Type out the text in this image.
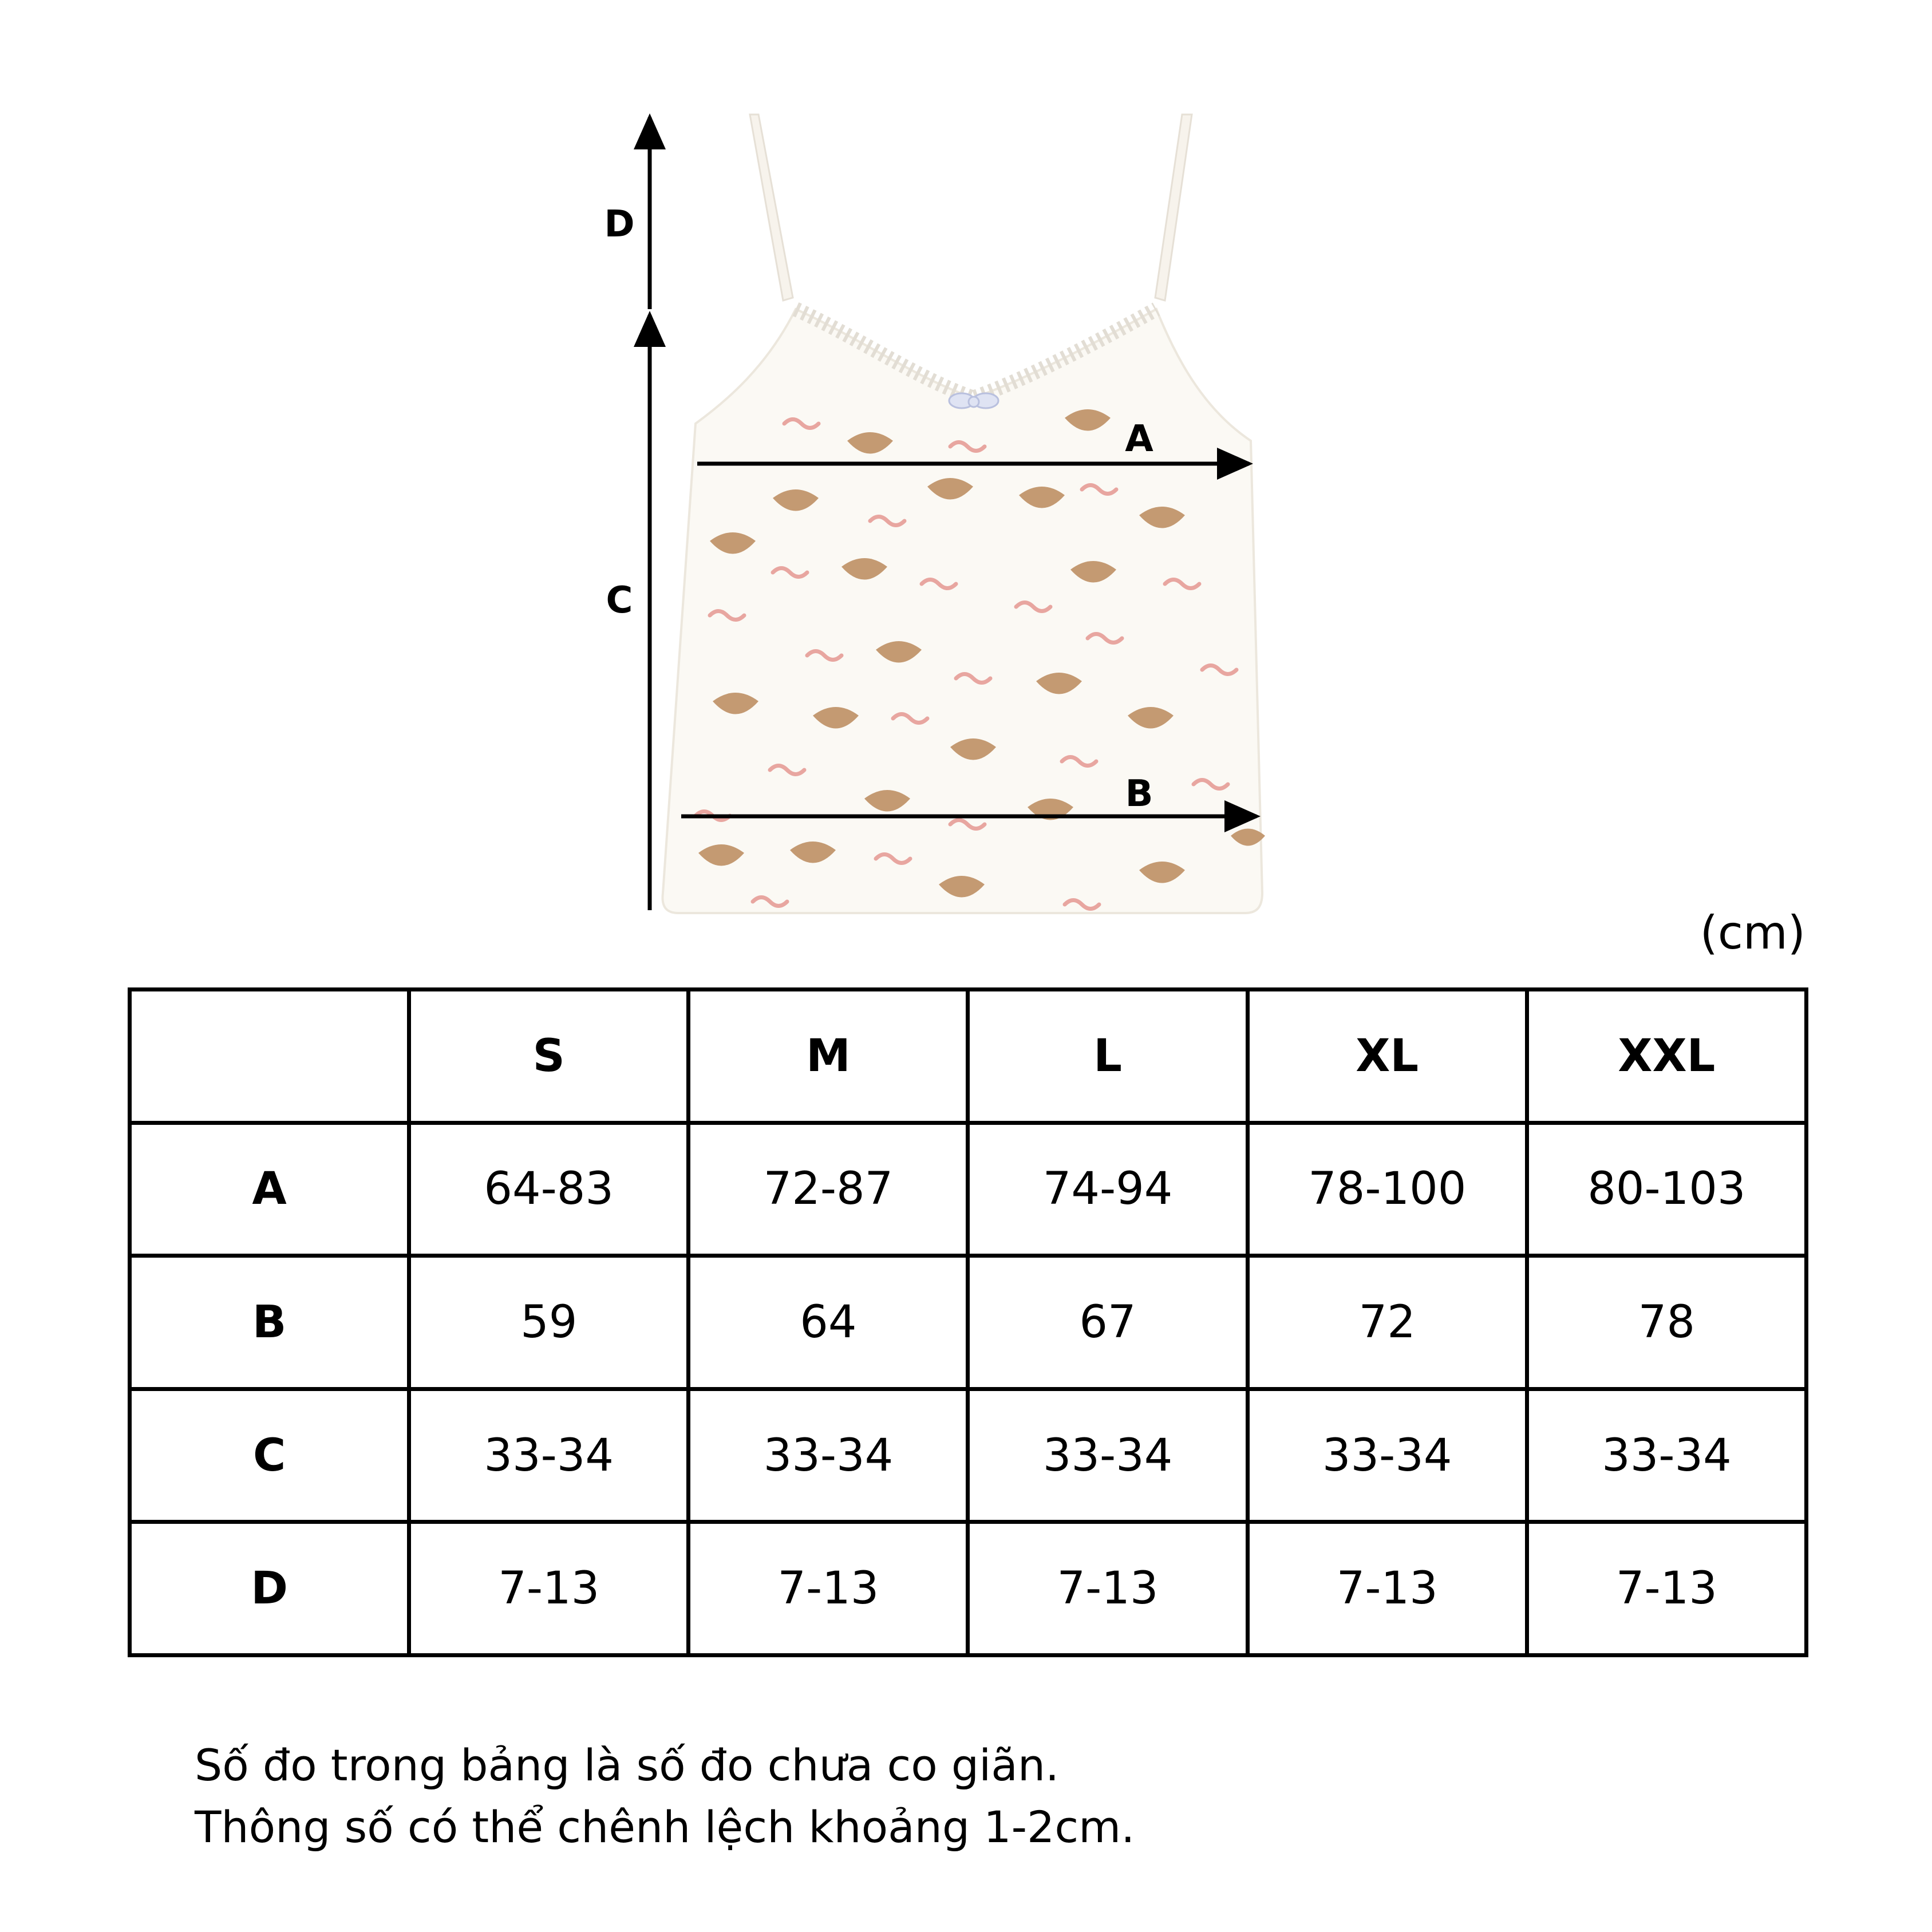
D
C
A
B
(cm)
	S	M	L	XL	XXL
A	64-83	72-87	74-94	78-100	80-103
B	59	64	67	72	78
C	33-34	33-34	33-34	33-34	33-34
D	7-13	7-13	7-13	7-13	7-13
Số đo trong bảng là số đo chưa co giãn.
Thông số có thể chênh lệch khoảng 1-2cm.
